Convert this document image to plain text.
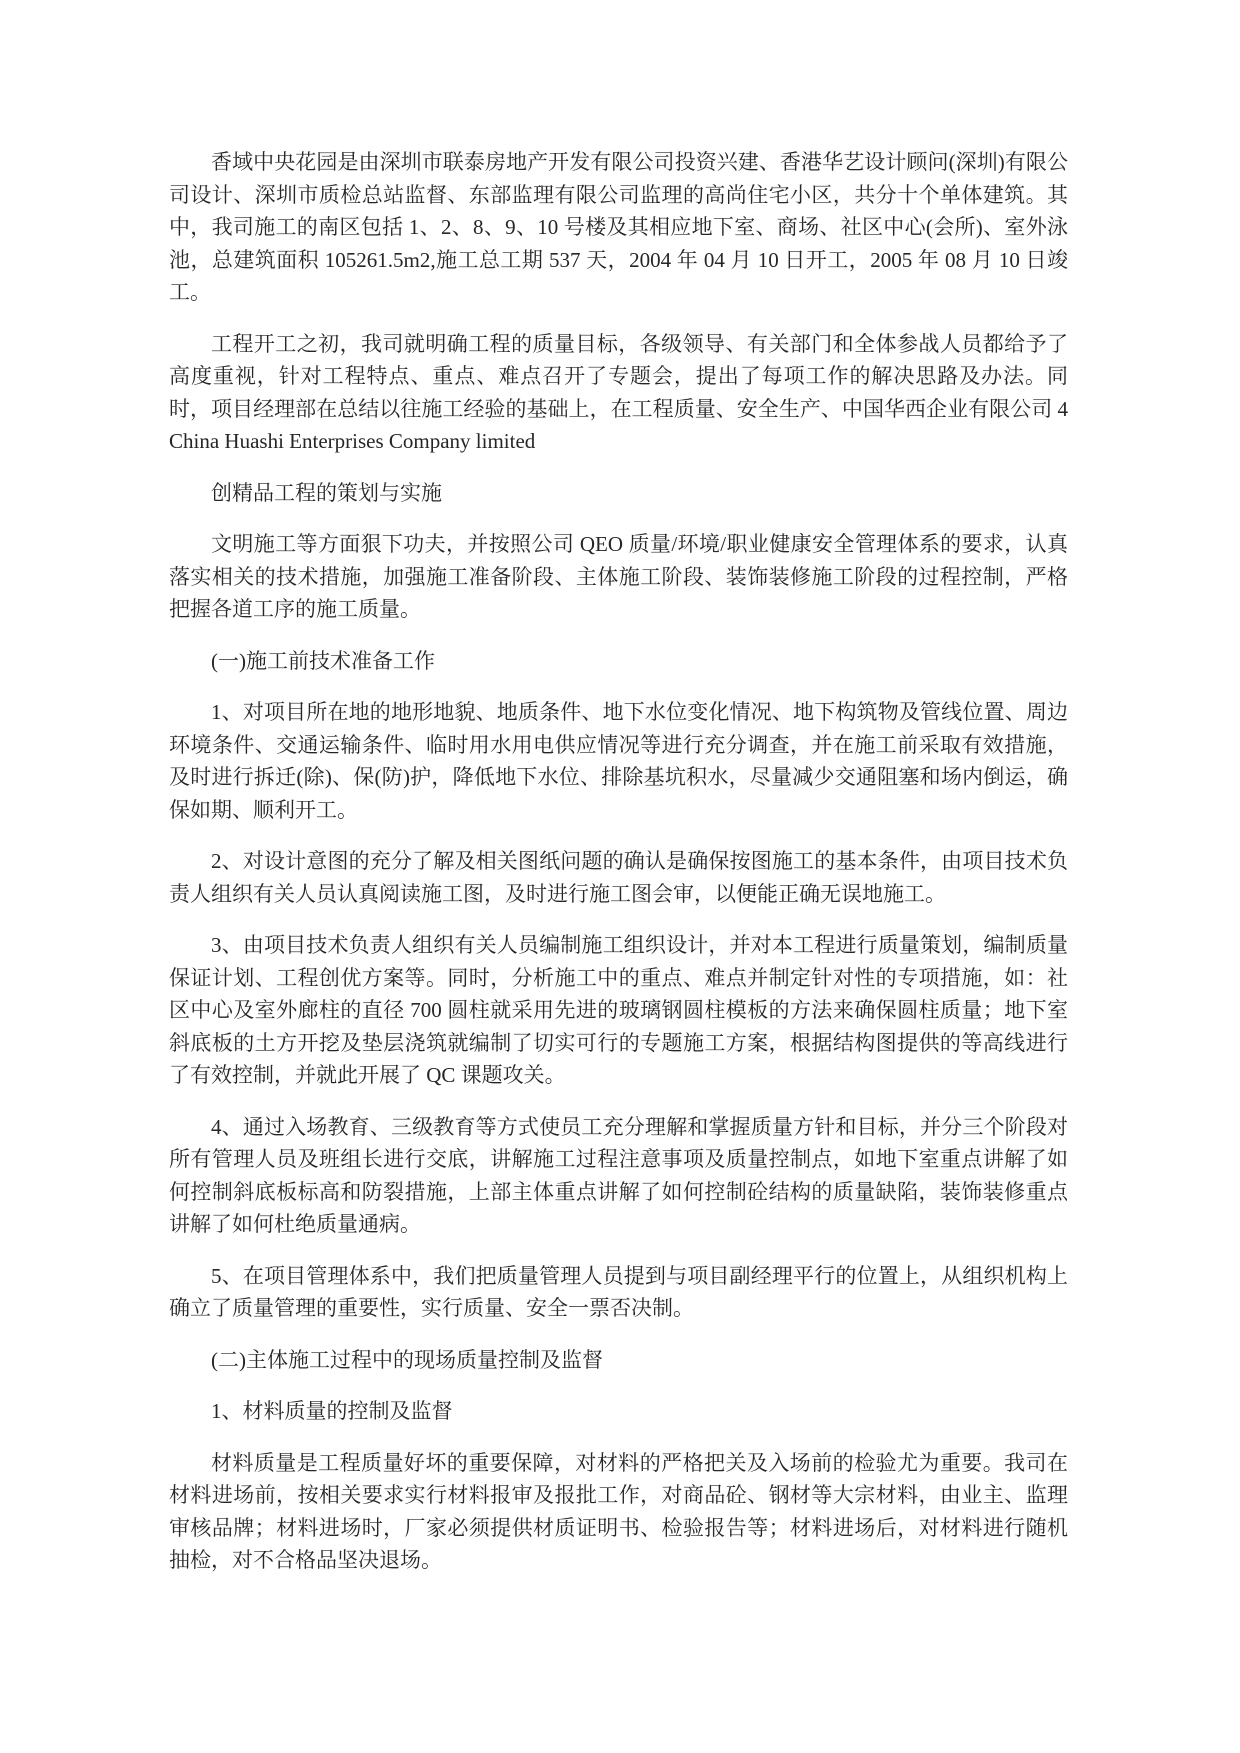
香域中央花园是由深圳市联泰房地产开发有限公司投资兴建、香港华艺设计顾问(深圳)有限公司设计、深圳市质检总站监督、东部监理有限公司监理的高尚住宅小区，共分十个单体建筑。其中，我司施工的南区包括 1、2、8、9、10 号楼及其相应地下室、商场、社区中心(会所)、室外泳池，总建筑面积 105261.5m2,施工总工期 537 天，2004 年 04 月 10 日开工，2005 年 08 月 10 日竣工。

工程开工之初，我司就明确工程的质量目标，各级领导、有关部门和全体参战人员都给予了高度重视，针对工程特点、重点、难点召开了专题会，提出了每项工作的解决思路及办法。同时，项目经理部在总结以往施工经验的基础上，在工程质量、安全生产、中国华西企业有限公司 4 China Huashi Enterprises Company limited

创精品工程的策划与实施

文明施工等方面狠下功夫，并按照公司 QEO 质量/环境/职业健康安全管理体系的要求，认真落实相关的技术措施，加强施工准备阶段、主体施工阶段、装饰装修施工阶段的过程控制，严格把握各道工序的施工质量。

(一)施工前技术准备工作

1、对项目所在地的地形地貌、地质条件、地下水位变化情况、地下构筑物及管线位置、周边环境条件、交通运输条件、临时用水用电供应情况等进行充分调查，并在施工前采取有效措施，及时进行拆迁(除)、保(防)护，降低地下水位、排除基坑积水，尽量减少交通阻塞和场内倒运，确保如期、顺利开工。

2、对设计意图的充分了解及相关图纸问题的确认是确保按图施工的基本条件，由项目技术负责人组织有关人员认真阅读施工图，及时进行施工图会审，以便能正确无误地施工。

3、由项目技术负责人组织有关人员编制施工组织设计，并对本工程进行质量策划，编制质量保证计划、工程创优方案等。同时，分析施工中的重点、难点并制定针对性的专项措施，如：社区中心及室外廊柱的直径 700 圆柱就采用先进的玻璃钢圆柱模板的方法来确保圆柱质量；地下室斜底板的土方开挖及垫层浇筑就编制了切实可行的专题施工方案，根据结构图提供的等高线进行了有效控制，并就此开展了 QC 课题攻关。

4、通过入场教育、三级教育等方式使员工充分理解和掌握质量方针和目标，并分三个阶段对所有管理人员及班组长进行交底，讲解施工过程注意事项及质量控制点，如地下室重点讲解了如何控制斜底板标高和防裂措施，上部主体重点讲解了如何控制砼结构的质量缺陷，装饰装修重点讲解了如何杜绝质量通病。

5、在项目管理体系中，我们把质量管理人员提到与项目副经理平行的位置上，从组织机构上确立了质量管理的重要性，实行质量、安全一票否决制。

(二)主体施工过程中的现场质量控制及监督

1、材料质量的控制及监督

材料质量是工程质量好坏的重要保障，对材料的严格把关及入场前的检验尤为重要。我司在材料进场前，按相关要求实行材料报审及报批工作，对商品砼、钢材等大宗材料，由业主、监理审核品牌；材料进场时，厂家必须提供材质证明书、检验报告等；材料进场后，对材料进行随机抽检，对不合格品坚决退场。
